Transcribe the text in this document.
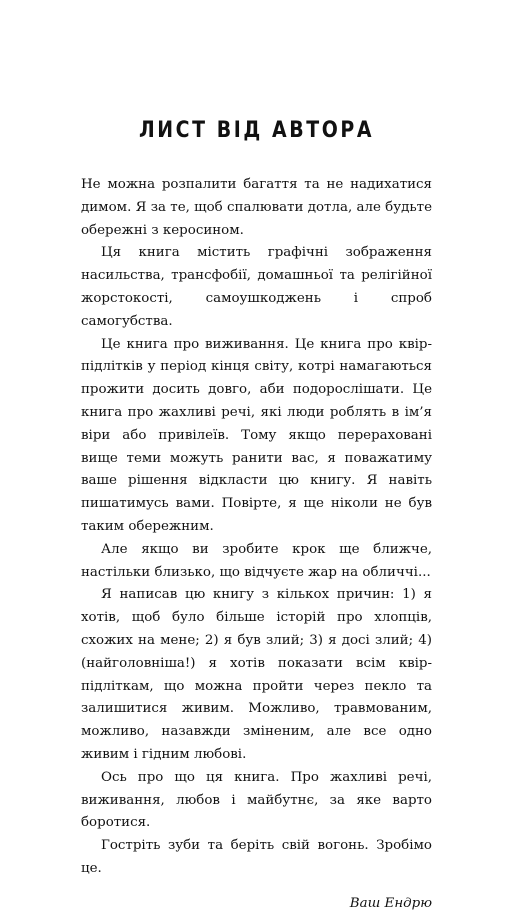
ЛИСТ ВІД АВТОРА

Не можна розпалити багаття та не надихатися димом. Я за те, щоб спалювати дотла, але будьте обережні з керосином.

Ця книга містить графічні зображення насильства, трансфобії, домашньої та релігійної жорстокості, самоушкоджень і спроб самогубства.

Це книга про виживання. Це книга про квір-підлітків у період кінця світу, котрі намагаються прожити досить довго, аби подорослішати. Це книга про жахливі речі, які люди роблять в ім’я віри або привілеїв. Тому якщо перераховані вище теми можуть ранити вас, я поважатиму ваше рішення відкласти цю книгу. Я навіть пишатимусь вами. Повірте, я ще ніколи не був таким обережним.

Але якщо ви зробите крок ще ближче, настільки близько, що відчуєте жар на обличчі...

Я написав цю книгу з кількох причин: 1) я хотів, щоб було більше історій про хлопців, схожих на мене; 2) я був злий; 3) я досі злий; 4) (найголовніша!) я хотів показати всім квір-підліткам, що можна пройти через пекло та залишитися живим. Можливо, травмованим, можливо, назавжди зміненим, але все одно живим і гідним любові.

Ось про що ця книга. Про жахливі речі, виживання, любов і майбутнє, за яке варто боротися.

Гостріть зуби та беріть свій вогонь. Зробімо це.

Ваш Ендрю
